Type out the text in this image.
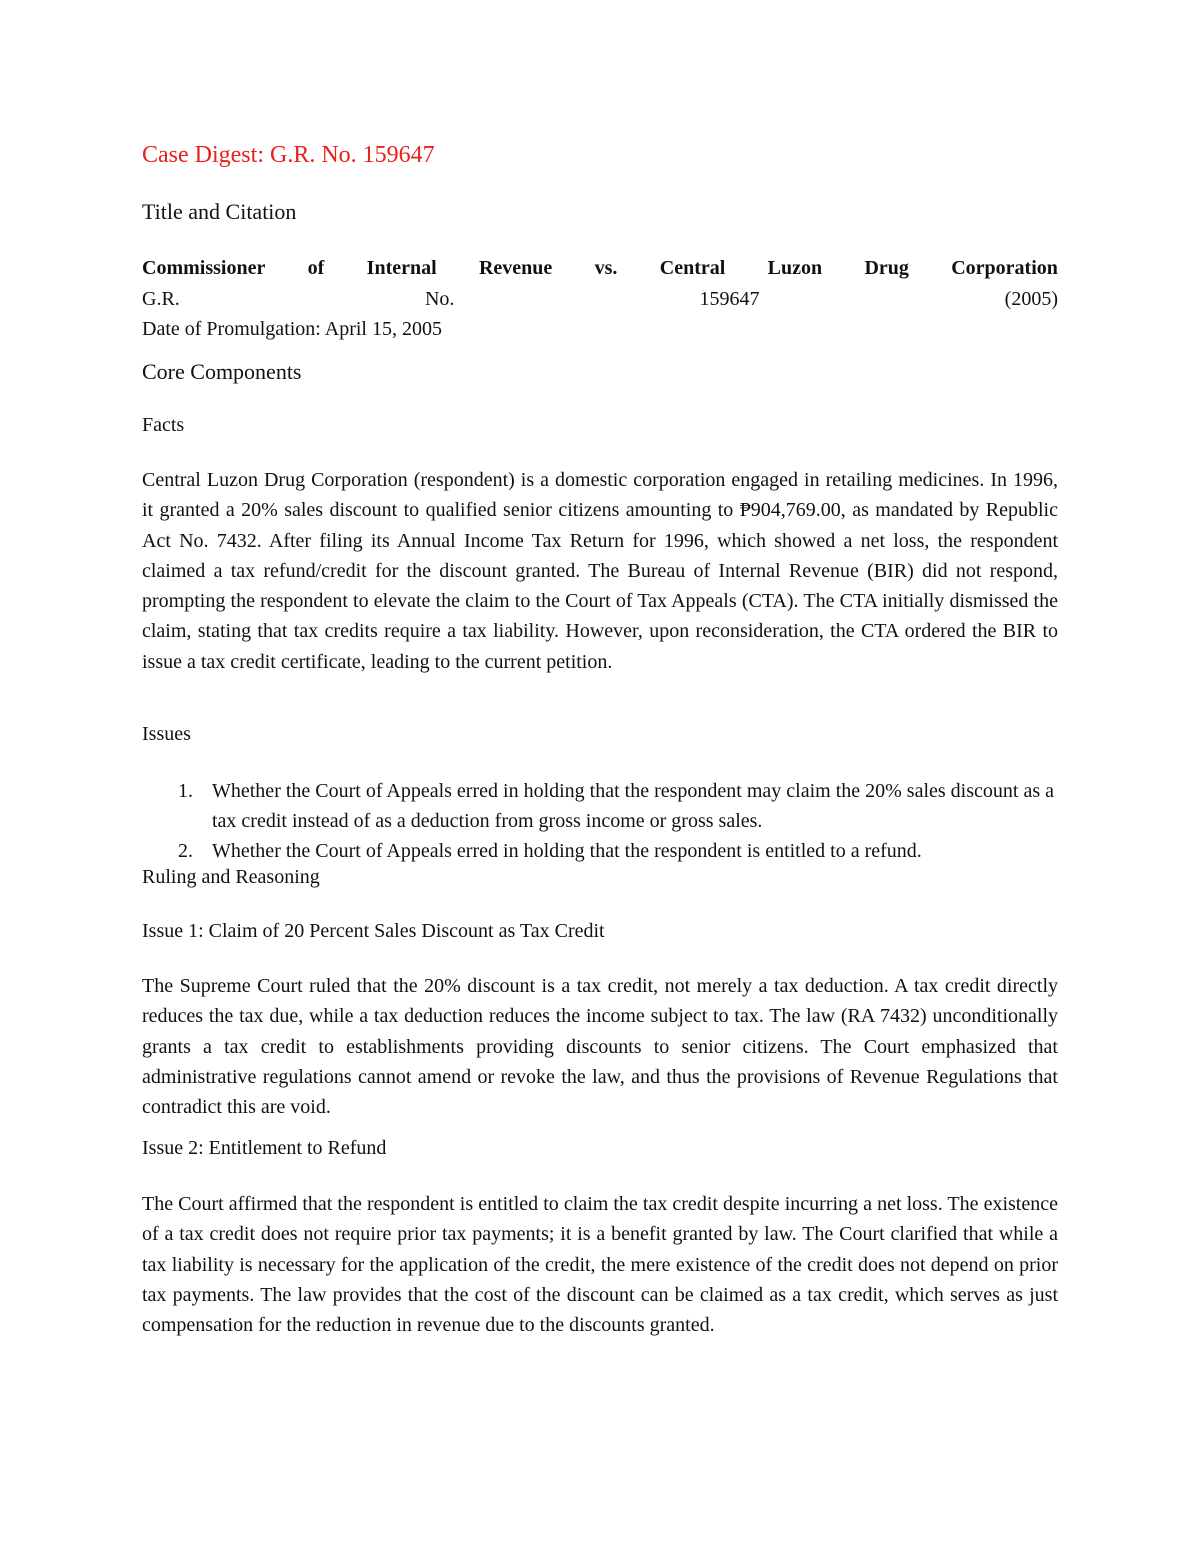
Case Digest: G.R. No. 159647
Title and Citation
Commissioner of Internal Revenue vs. Central Luzon Drug Corporation
G.R.	No.	159647	(2005)
Date of Promulgation: April 15, 2005
Core Components
Facts

Central Luzon Drug Corporation (respondent) is a domestic corporation engaged in retailing medicines. In 1996, it granted a 20% sales discount to qualified senior citizens amounting to ₱904,769.00, as mandated by Republic Act No. 7432. After filing its Annual Income Tax Return for 1996, which showed a net loss, the respondent claimed a tax refund/credit for the discount granted. The Bureau of Internal Revenue (BIR) did not respond, prompting the respondent to elevate the claim to the Court of Tax Appeals (CTA). The CTA initially dismissed the claim, stating that tax credits require a tax liability. However, upon reconsideration, the CTA ordered the BIR to issue a tax credit certificate, leading to the current petition.

Issues
1. Whether the Court of Appeals erred in holding that the respondent may claim the 20% sales discount as a tax credit instead of as a deduction from gross income or gross sales.
2. Whether the Court of Appeals erred in holding that the respondent is entitled to a refund.
Ruling and Reasoning
Issue 1: Claim of 20 Percent Sales Discount as Tax Credit

The Supreme Court ruled that the 20% discount is a tax credit, not merely a tax deduction. A tax credit directly reduces the tax due, while a tax deduction reduces the income subject to tax. The law (RA 7432) unconditionally grants a tax credit to establishments providing discounts to senior citizens. The Court emphasized that administrative regulations cannot amend or revoke the law, and thus the provisions of Revenue Regulations that contradict this are void.

Issue 2: Entitlement to Refund

The Court affirmed that the respondent is entitled to claim the tax credit despite incurring a net loss. The existence of a tax credit does not require prior tax payments; it is a benefit granted by law. The Court clarified that while a tax liability is necessary for the application of the credit, the mere existence of the credit does not depend on prior tax payments. The law provides that the cost of the discount can be claimed as a tax credit, which serves as just compensation for the reduction in revenue due to the discounts granted.
